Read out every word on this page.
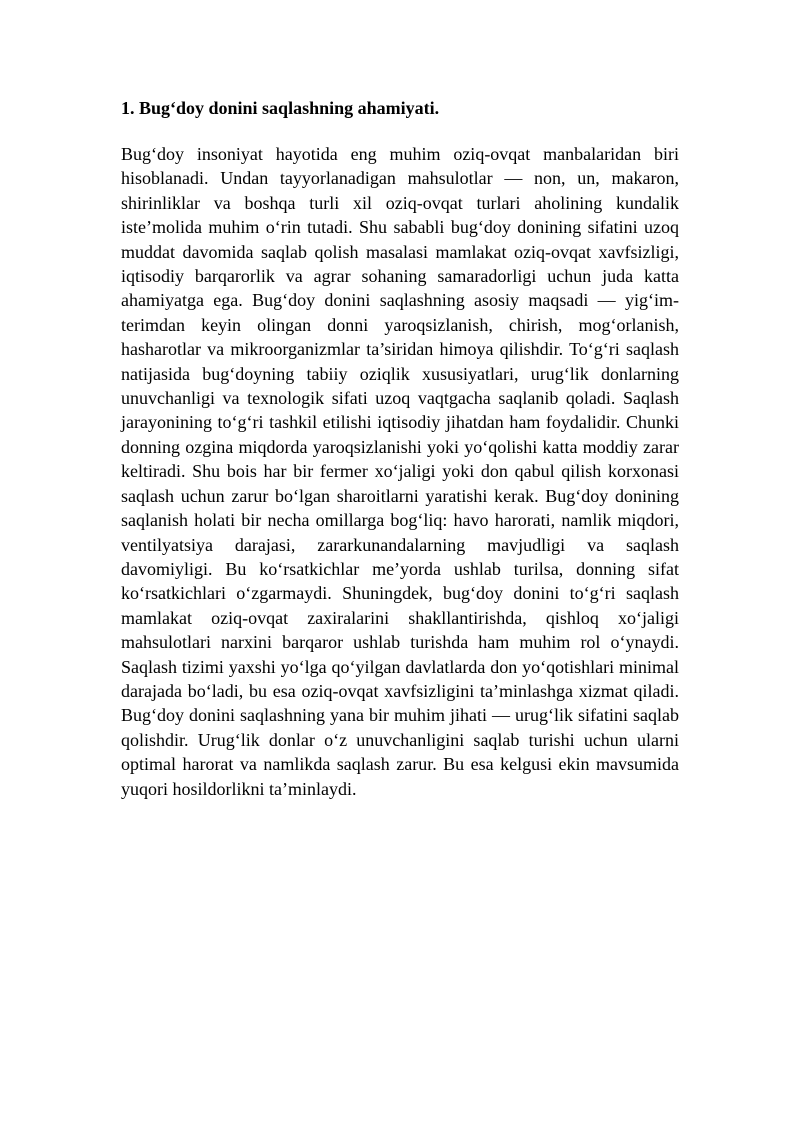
1. Bug‘doy donini saqlashning ahamiyati.

Bug‘doy insoniyat hayotida eng muhim oziq-ovqat manbalaridan biri hisoblanadi. Undan tayyorlanadigan mahsulotlar — non, un, makaron, shirinliklar va boshqa turli xil oziq-ovqat turlari aholining kundalik iste’molida muhim o‘rin tutadi. Shu sababli bug‘doy donining sifatini uzoq muddat davomida saqlab qolish masalasi mamlakat oziq-ovqat xavfsizligi, iqtisodiy barqarorlik va agrar sohaning samaradorligi uchun juda katta ahamiyatga ega. Bug‘doy donini saqlashning asosiy maqsadi — yig‘im-terimdan keyin olingan donni yaroqsizlanish, chirish, mog‘orlanish, hasharotlar va mikroorganizmlar ta’siridan himoya qilishdir. To‘g‘ri saqlash natijasida bug‘doyning tabiiy oziqlik xususiyatlari, urug‘lik donlarning unuvchanligi va texnologik sifati uzoq vaqtgacha saqlanib qoladi. Saqlash jarayonining to‘g‘ri tashkil etilishi iqtisodiy jihatdan ham foydalidir. Chunki donning ozgina miqdorda yaroqsizlanishi yoki yo‘qolishi katta moddiy zarar keltiradi. Shu bois har bir fermer xo‘jaligi yoki don qabul qilish korxonasi saqlash uchun zarur bo‘lgan sharoitlarni yaratishi kerak. Bug‘doy donining saqlanish holati bir necha omillarga bog‘liq: havo harorati, namlik miqdori, ventilyatsiya darajasi, zararkunandalarning mavjudligi va saqlash davomiyligi. Bu ko‘rsatkichlar me’yorda ushlab turilsa, donning sifat ko‘rsatkichlari o‘zgarmaydi. Shuningdek, bug‘doy donini to‘g‘ri saqlash mamlakat oziq-ovqat zaxiralarini shakllantirishda, qishloq xo‘jaligi mahsulotlari narxini barqaror ushlab turishda ham muhim rol o‘ynaydi. Saqlash tizimi yaxshi yo‘lga qo‘yilgan davlatlarda don yo‘qotishlari minimal darajada bo‘ladi, bu esa oziq-ovqat xavfsizligini ta’minlashga xizmat qiladi. Bug‘doy donini saqlashning yana bir muhim jihati — urug‘lik sifatini saqlab qolishdir. Urug‘lik donlar o‘z unuvchanligini saqlab turishi uchun ularni optimal harorat va namlikda saqlash zarur. Bu esa kelgusi ekin mavsumida yuqori hosildorlikni ta’minlaydi.
